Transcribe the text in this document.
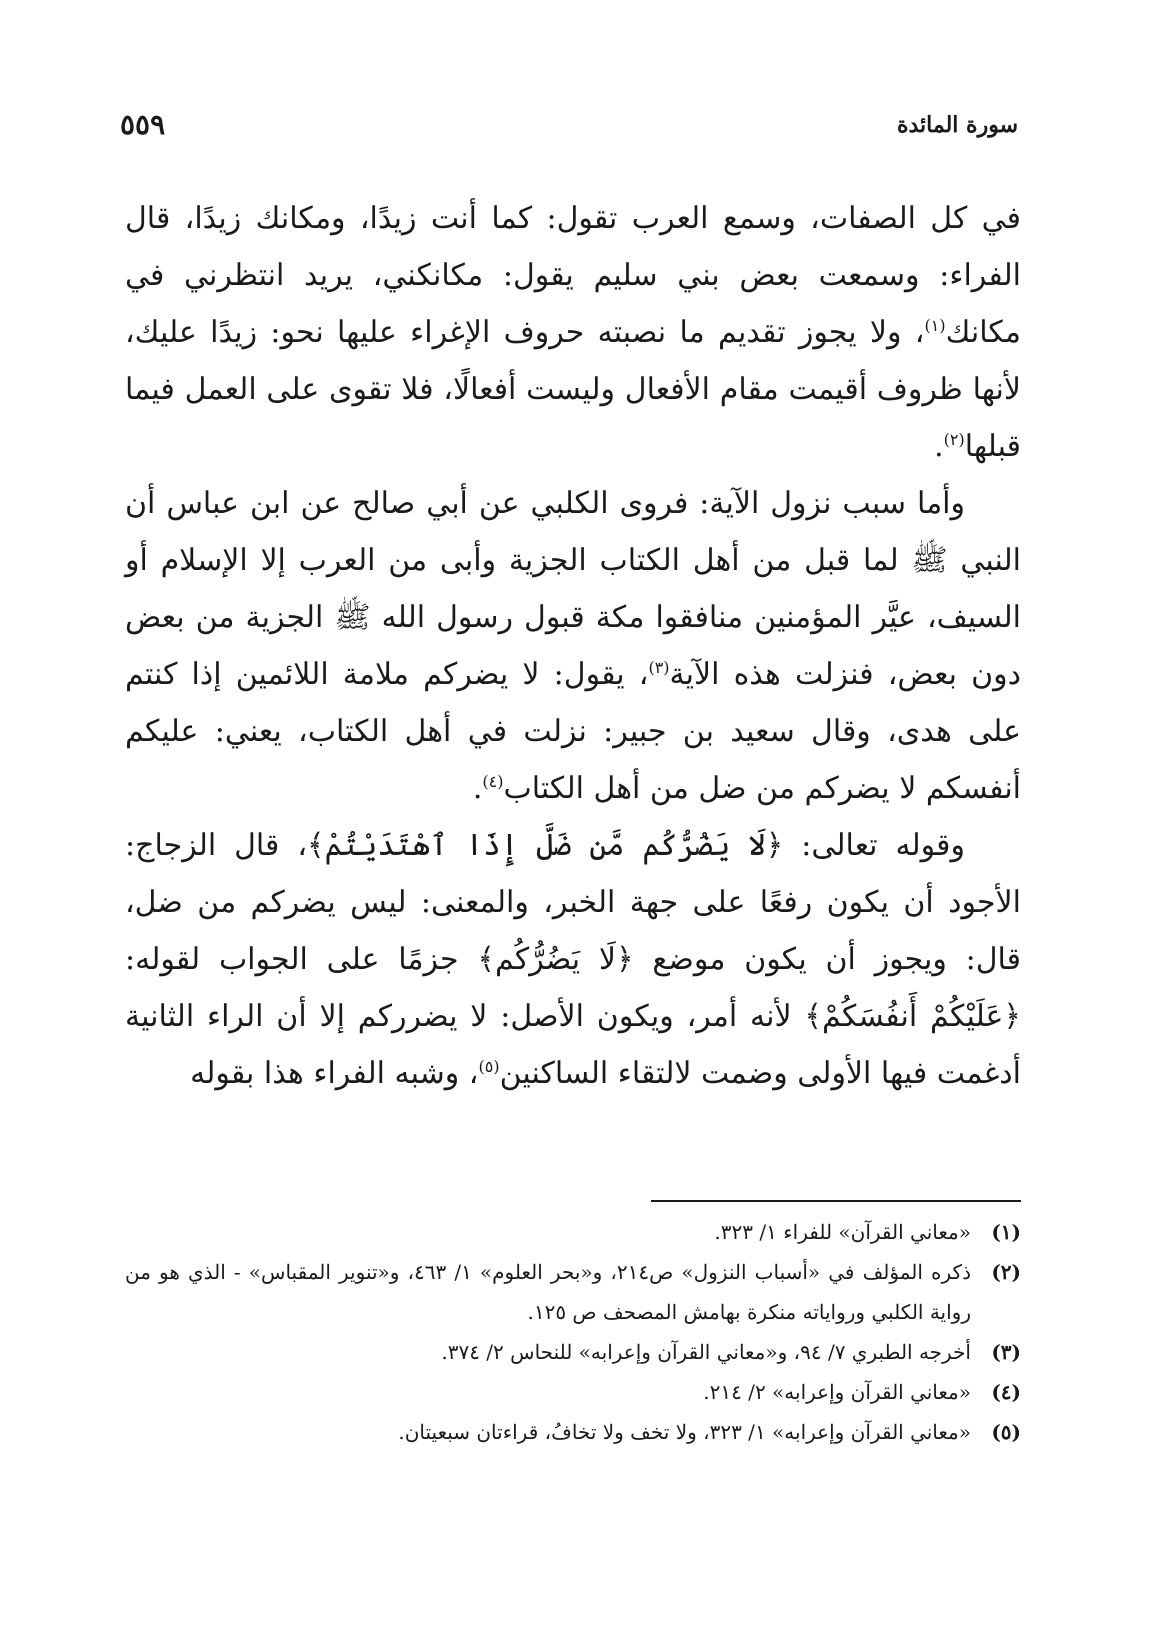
سورة المائدة
٥٥٩

في كل الصفات، وسمع العرب تقول: كما أنت زيدًا، ومكانك زيدًا، قال الفراء: وسمعت بعض بني سليم يقول: مكانكني، يريد انتظرني في مكانك$^{(١)}$، ولا يجوز تقديم ما نصبته حروف الإغراء عليها نحو: زيدًا عليك، لأنها ظروف أقيمت مقام الأفعال وليست أفعالًا، فلا تقوى على العمل فيما قبلها$^{(٢)}$.

وأما سبب نزول الآية: فروى الكلبي عن أبي صالح عن ابن عباس أن النبي ﷺ لما قبل من أهل الكتاب الجزية وأبى من العرب إلا الإسلام أو السيف، عيَّر المؤمنين منافقوا مكة قبول رسول الله ﷺ الجزية من بعض دون بعض، فنزلت هذه الآية$^{(٣)}$، يقول: لا يضركم ملامة اللائمين إذا كنتم على هدى، وقال سعيد بن جبير: نزلت في أهل الكتاب، يعني: عليكم أنفسكم لا يضركم من ضل من أهل الكتاب$^{(٤)}$.

وقوله تعالى: ﴿لَا يَضُرُّكُم مَّن ضَلَّ إِذَا ٱهْتَدَيْتُمْ﴾، قال الزجاج: الأجود أن يكون رفعًا على جهة الخبر، والمعنى: ليس يضركم من ضل، قال: ويجوز أن يكون موضع ﴿لَا يَضُرُّكُم﴾ جزمًا على الجواب لقوله: ﴿عَلَيْكُمْ أَنفُسَكُمْ﴾ لأنه أمر، ويكون الأصل: لا يضرركم إلا أن الراء الثانية أدغمت فيها الأولى وضمت لالتقاء الساكنين$^{(٥)}$، وشبه الفراء هذا بقوله

(١)
«معاني القرآن» للفراء ١/ ٣٢٣.

(٢)
ذكره المؤلف في «أسباب النزول» ص٢١٤، و«بحر العلوم» ١/ ٤٦٣، و«تنوير المقباس» - الذي هو من رواية الكلبي ورواياته منكرة بهامش المصحف ص ١٢٥.

(٣)
أخرجه الطبري ٧/ ٩٤، و«معاني القرآن وإعرابه» للنحاس ٢/ ٣٧٤.

(٤)
«معاني القرآن وإعرابه» ٢/ ٢١٤.

(٥)
«معاني القرآن وإعرابه» ١/ ٣٢٣، ولا تخف ولا تخافُ، قراءتان سبعيتان.
